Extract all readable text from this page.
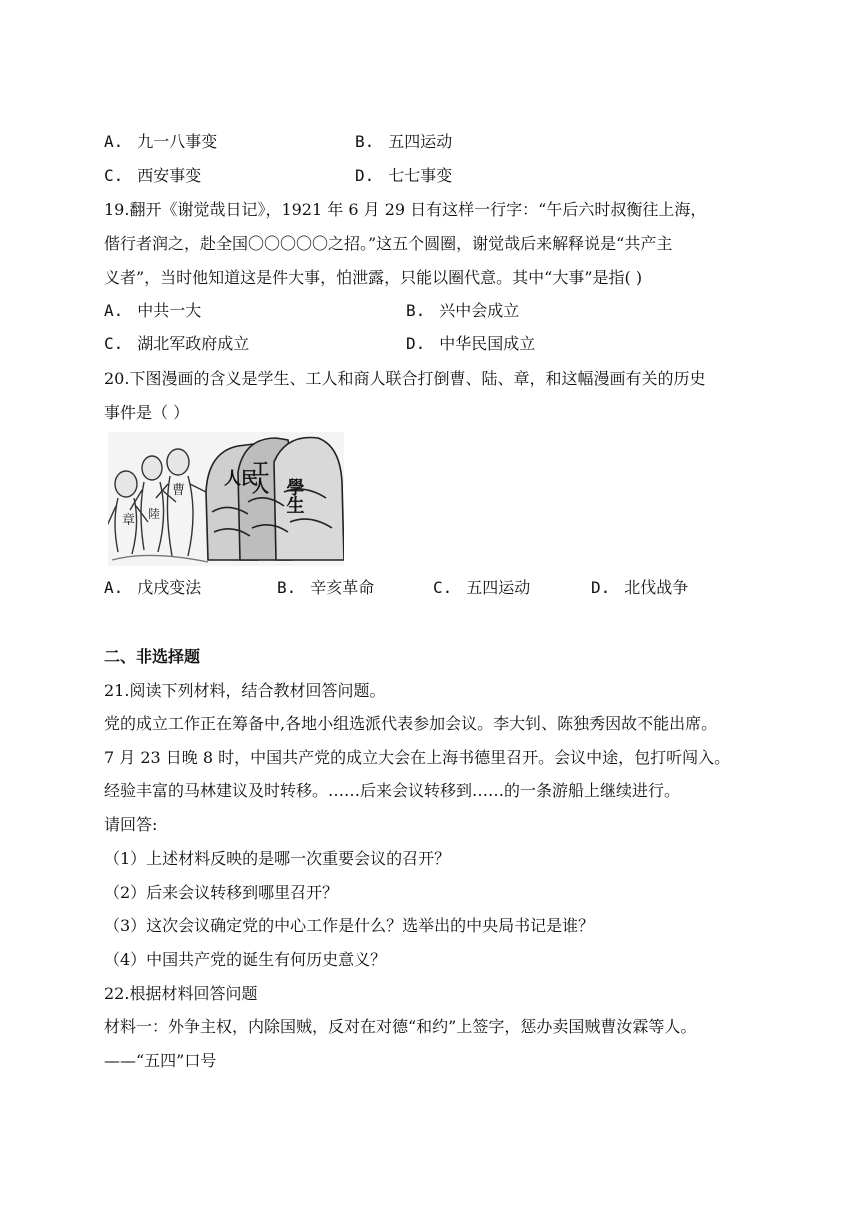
A. 九一八事变	B. 五四运动
C. 西安事变	D. 七七事变
19.翻开《谢觉哉日记》，1921 年 6 月 29 日有这样一行字：“午后六时叔衡往上海，
偕行者润之，赴全国〇〇〇〇〇之招。”这五个圆圈，谢觉哉后来解释说是“共产主
义者”，当时他知道这是件大事，怕泄露，只能以圈代意。其中“大事”是指( )
A. 中共一大	B. 兴中会成立
C. 湖北军政府成立	D. 中华民国成立
20.下图漫画的含义是学生、工人和商人联合打倒曹、陆、章，和这幅漫画有关的历史
事件是（ ）
章
曹
陸
人民
工人
學生
A. 戊戌变法	B. 辛亥革命	C. 五四运动	D. 北伐战争
二、非选择题
21.阅读下列材料，结合教材回答问题。
党的成立工作正在筹备中,各地小组选派代表参加会议。李大钊、陈独秀因故不能出席。
7 月 23 日晚 8 时，中国共产党的成立大会在上海书德里召开。会议中途，包打听闯入。
经验丰富的马林建议及时转移。……后来会议转移到……的一条游船上继续进行。
请回答:
（1）上述材料反映的是哪一次重要会议的召开？
（2）后来会议转移到哪里召开？
（3）这次会议确定党的中心工作是什么？选举出的中央局书记是谁？
（4）中国共产党的诞生有何历史意义？
22.根据材料回答问题
材料一：外争主权，内除国贼，反对在对德“和约”上签字，惩办卖国贼曹汝霖等人。
——“五四”口号
